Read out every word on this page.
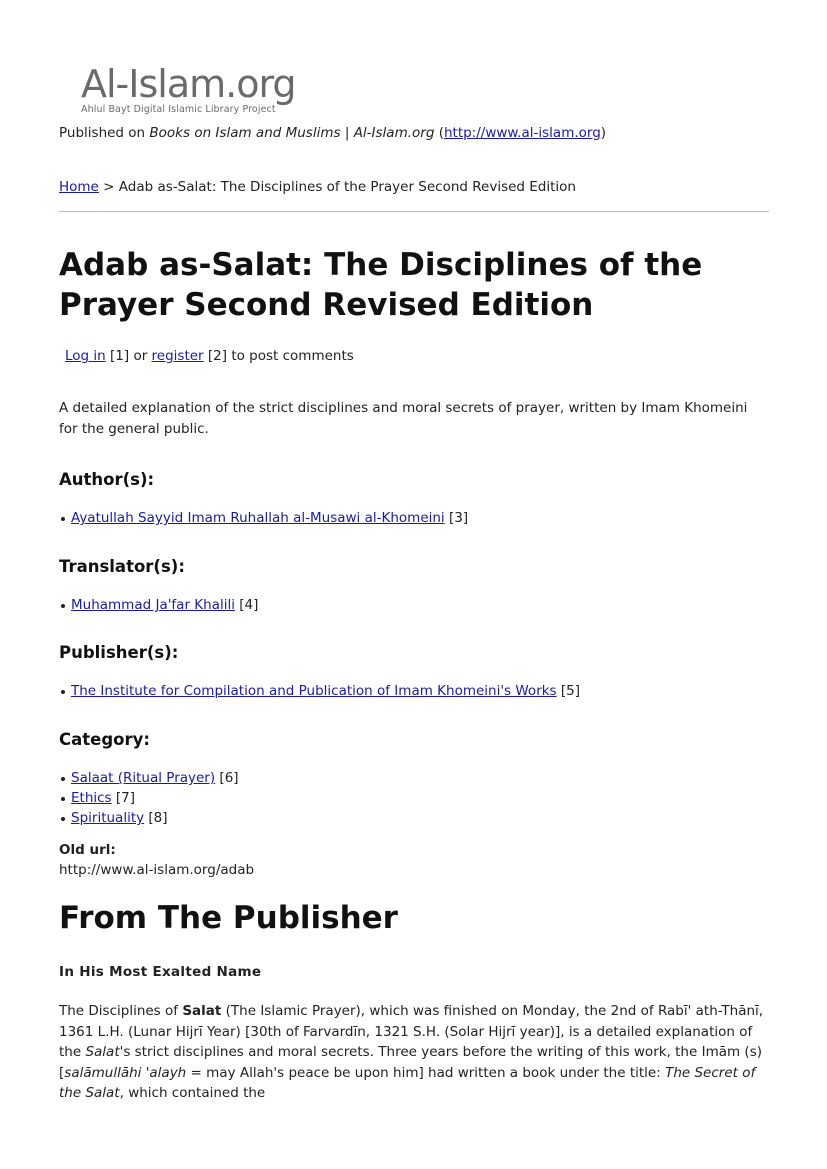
Al-Islam.org
Ahlul Bayt Digital Islamic Library Project
Published on Books on Islam and Muslims | Al-Islam.org (http://www.al-islam.org)
Home > Adab as-Salat: The Disciplines of the Prayer Second Revised Edition
Adab as-Salat: The Disciplines of the Prayer Second Revised Edition
Log in [1] or register [2] to post comments
A detailed explanation of the strict disciplines and moral secrets of prayer, written by Imam Khomeini for the general public.
Author(s):
Ayatullah Sayyid Imam Ruhallah al-Musawi al-Khomeini [3]
Translator(s):
Muhammad Ja'far Khalili [4]
Publisher(s):
The Institute for Compilation and Publication of Imam Khomeini's Works [5]
Category:
Salaat (Ritual Prayer) [6]
Ethics [7]
Spirituality [8]
Old url:
http://www.al-islam.org/adab
From The Publisher
In His Most Exalted Name
The Disciplines of Salat (The Islamic Prayer), which was finished on Monday, the 2nd of Rabī' ath-Thānī, 1361 L.H. (Lunar Hijrī Year) [30th of Farvardīn, 1321 S.H. (Solar Hijrī year)], is a detailed explanation of the Salat's strict disciplines and moral secrets. Three years before the writing of this work, the Imām (s) [salāmullāhi 'alayh = may Allah's peace be upon him] had written a book under the title: The Secret of the Salat, which contained the
